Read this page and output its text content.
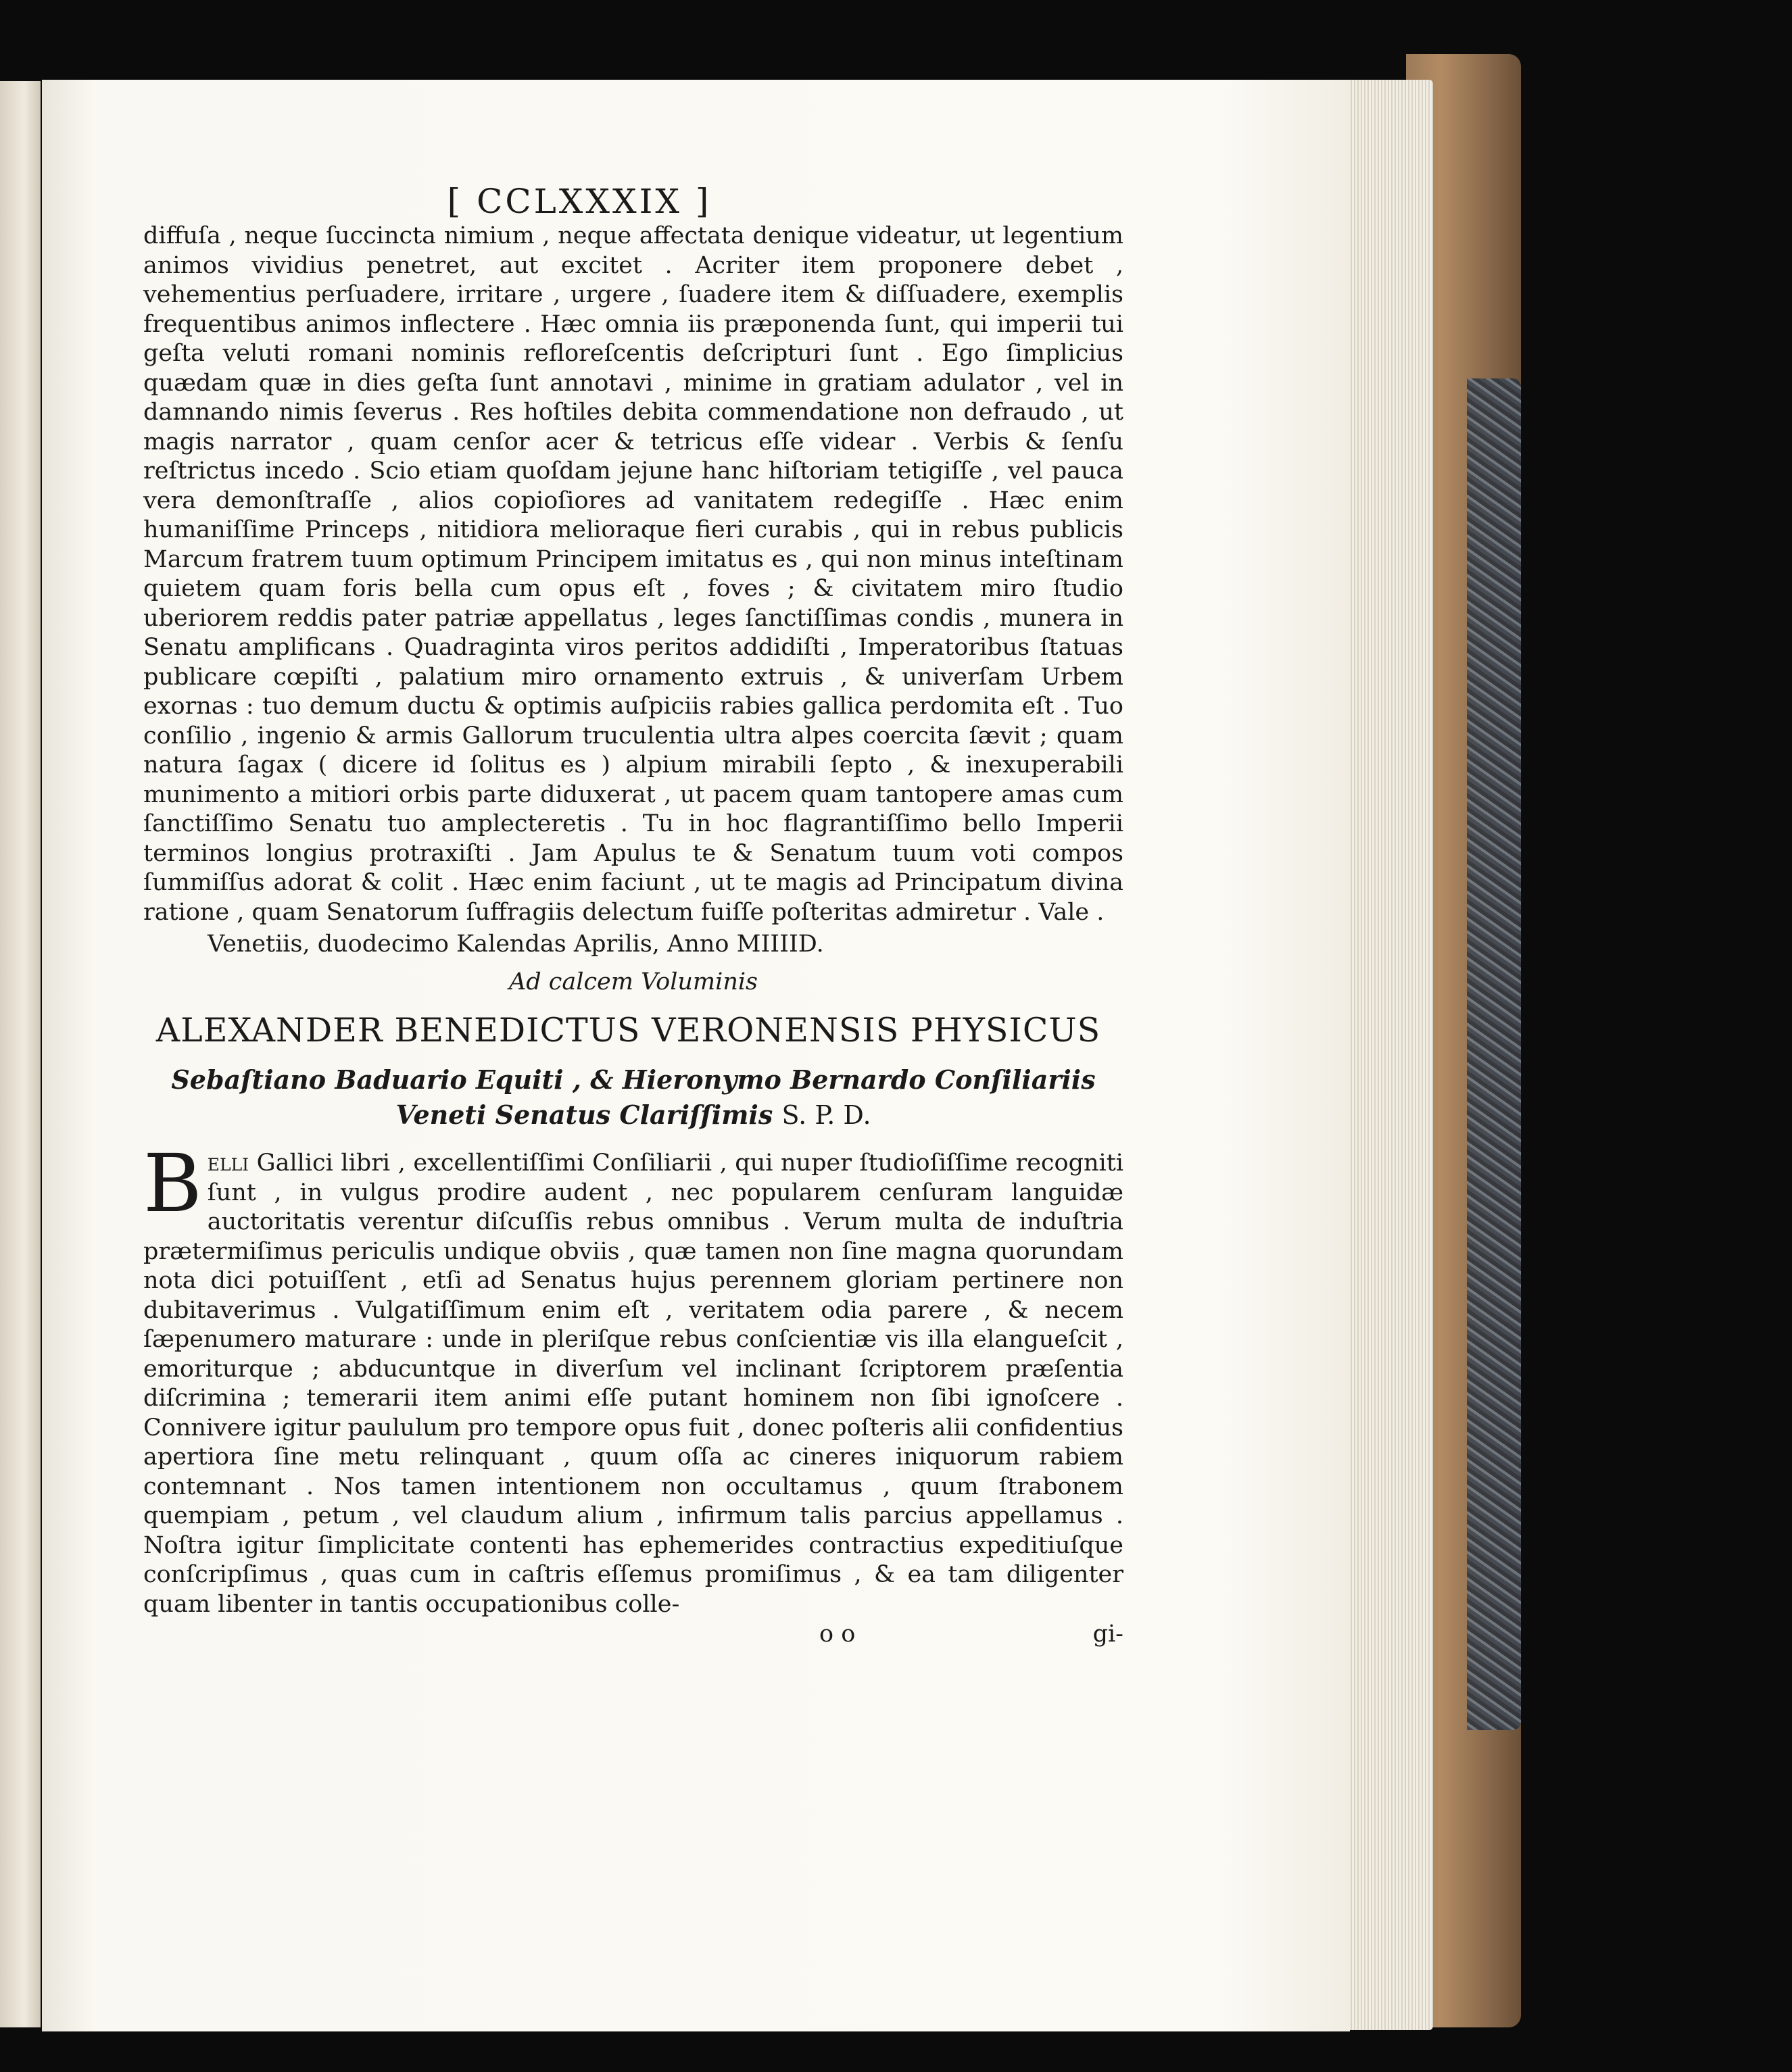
[ CCLXXXIX ]

diffuſa , neque ſuccincta nimium , neque affectata denique videatur, ut legentium animos vividius penetret, aut excitet . Acriter item proponere debet , vehementius perſuadere, irritare , urgere , ſuadere item & diſſuadere, exemplis frequentibus animos inflectere . Hæc omnia iis præponenda ſunt, qui imperii tui geſta veluti romani nominis refloreſcentis deſcripturi ſunt . Ego ſimplicius quædam quæ in dies geſta ſunt annotavi , minime in gratiam adulator , vel in damnando nimis ſeverus . Res hoſtiles debita commendatione non defraudo , ut magis narrator , quam cenſor acer & tetricus eſſe videar . Verbis & ſenſu reſtrictus incedo . Scio etiam quoſdam jejune hanc hiſtoriam tetigiſſe , vel pauca vera demonſtraſſe , alios copioſiores ad vanitatem redegiſſe . Hæc enim humaniſſime Princeps , nitidiora melioraque fieri curabis , qui in rebus publicis Marcum fratrem tuum optimum Principem imitatus es , qui non minus inteſtinam quietem quam foris bella cum opus eſt , foves ; & civitatem miro ſtudio uberiorem reddis pater patriæ appellatus , leges ſanctiſſimas condis , munera in Senatu amplificans . Quadraginta viros peritos addidiſti , Imperatoribus ſtatuas publicare cœpiſti , palatium miro ornamento extruis , & univerſam Urbem exornas : tuo demum ductu & optimis auſpiciis rabies gallica perdomita eſt . Tuo conſilio , ingenio & armis Gallorum truculentia ultra alpes coercita ſævit ; quam natura ſagax ( dicere id ſolitus es ) alpium mirabili ſepto , & inexuperabili munimento a mitiori orbis parte diduxerat , ut pacem quam tantopere amas cum ſanctiſſimo Senatu tuo amplecteretis . Tu in hoc flagrantiſſimo bello Imperii terminos longius protraxiſti . Jam Apulus te & Senatum tuum voti compos ſummiſſus adorat & colit . Hæc enim faciunt , ut te magis ad Principatum divina ratione , quam Senatorum ſuffragiis delectum fuiſſe poſteritas admiretur . Vale .

Venetiis, duodecimo Kalendas Aprilis, Anno MIIIID.
Ad calcem Voluminis
ALEXANDER BENEDICTUS VERONENSIS PHYSICUS
Sebaſtiano Baduario Equiti , & Hieronymo Bernardo Conſiliariis Veneti Senatus Clariſſimis S. P. D.

Belli Gallici libri , excellentiſſimi Conſiliarii , qui nuper ſtudioſiſſime recogniti ſunt , in vulgus prodire audent , nec popularem cenſuram languidæ auctoritatis verentur diſcuſſis rebus omnibus . Verum multa de induſtria prætermiſimus periculis undique obviis , quæ tamen non ſine magna quorundam nota dici potuiſſent , etſi ad Senatus hujus perennem gloriam pertinere non dubitaverimus . Vulgatiſſimum enim eſt , veritatem odia parere , & necem ſæpenumero maturare : unde in pleriſque rebus conſcientiæ vis illa elangueſcit , emoriturque ; abducuntque in diverſum vel inclinant ſcriptorem præſentia diſcrimina ; temerarii item animi eſſe putant hominem non ſibi ignoſcere . Connivere igitur paululum pro tempore opus fuit , donec poſteris alii confidentius apertiora ſine metu relinquant , quum oſſa ac cineres iniquorum rabiem contemnant . Nos tamen intentionem non occultamus , quum ſtrabonem quempiam , petum , vel claudum alium , infirmum talis parcius appellamus . Noſtra igitur ſimplicitate contenti has ephemerides contractius expeditiuſque conſcripſimus , quas cum in caſtris eſſemus promiſimus , & ea tam diligenter quam libenter in tantis occupationibus colle-

o o	gi-
